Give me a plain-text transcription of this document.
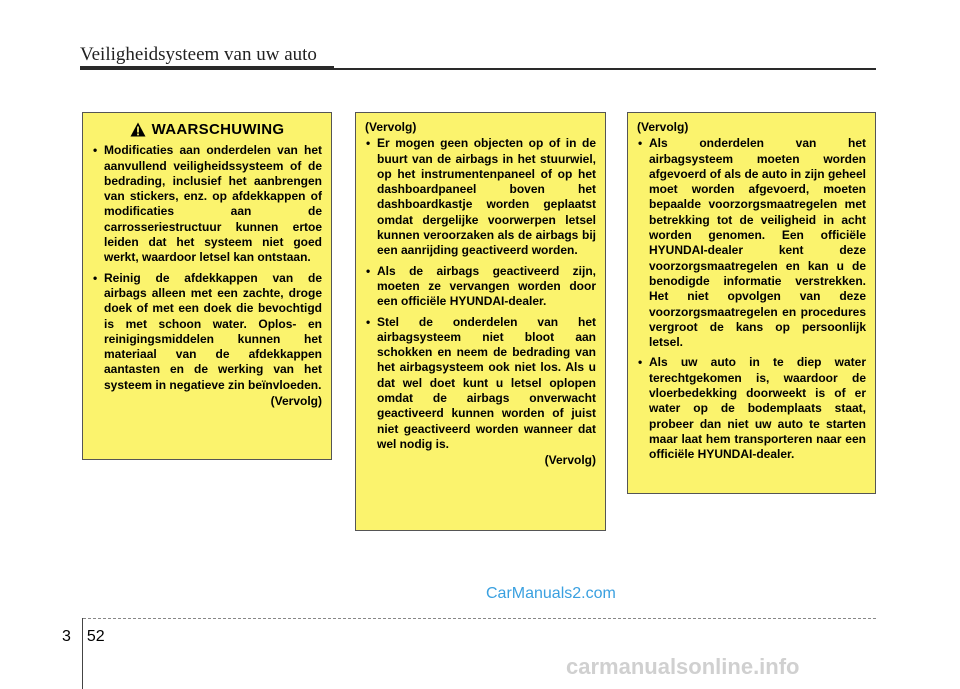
Veiligheidsysteem van uw auto
WAARSCHUWING
• Modificaties aan onderdelen van het aanvullend veiligheidssysteem of de bedrading, inclusief het aanbrengen van stickers, enz. op afdekkappen of modificaties aan de carrosseriestructuur kunnen ertoe leiden dat het systeem niet goed werkt, waardoor letsel kan ontstaan.
• Reinig de afdekkappen van de airbags alleen met een zachte, droge doek of met een doek die bevochtigd is met schoon water. Oplos- en reinigingsmiddelen kunnen het materiaal van de afdekkappen aantasten en de werking van het systeem in negatieve zin beïnvloeden.
(Vervolg)
(Vervolg)
• Er mogen geen objecten op of in de buurt van de airbags in het stuurwiel, op het instrumentenpaneel of op het dashboardpaneel boven het dashboardkastje worden geplaatst omdat dergelijke voorwerpen letsel kunnen veroorzaken als de airbags bij een aanrijding geactiveerd worden.
• Als de airbags geactiveerd zijn, moeten ze vervangen worden door een officiële HYUNDAI-dealer.
• Stel de onderdelen van het airbagsysteem niet bloot aan schokken en neem de bedrading van het airbagsysteem ook niet los. Als u dat wel doet kunt u letsel oplopen omdat de airbags onverwacht geactiveerd kunnen worden of juist niet geactiveerd worden wanneer dat wel nodig is.
(Vervolg)
(Vervolg)
• Als onderdelen van het airbagsysteem moeten worden afgevoerd of als de auto in zijn geheel moet worden afgevoerd, moeten bepaalde voorzorgsmaatregelen met betrekking tot de veiligheid in acht worden genomen. Een officiële HYUNDAI-dealer kent deze voorzorgsmaatregelen en kan u de benodigde informatie verstrekken. Het niet opvolgen van deze voorzorgsmaatregelen en procedures vergroot de kans op persoonlijk letsel.
• Als uw auto in te diep water terechtgekomen is, waardoor de vloerbedekking doorweekt is of er water op de bodemplaats staat, probeer dan niet uw auto te starten maar laat hem transporteren naar een officiële HYUNDAI-dealer.
CarManuals2.com
3 52
carmanualsonline.info
